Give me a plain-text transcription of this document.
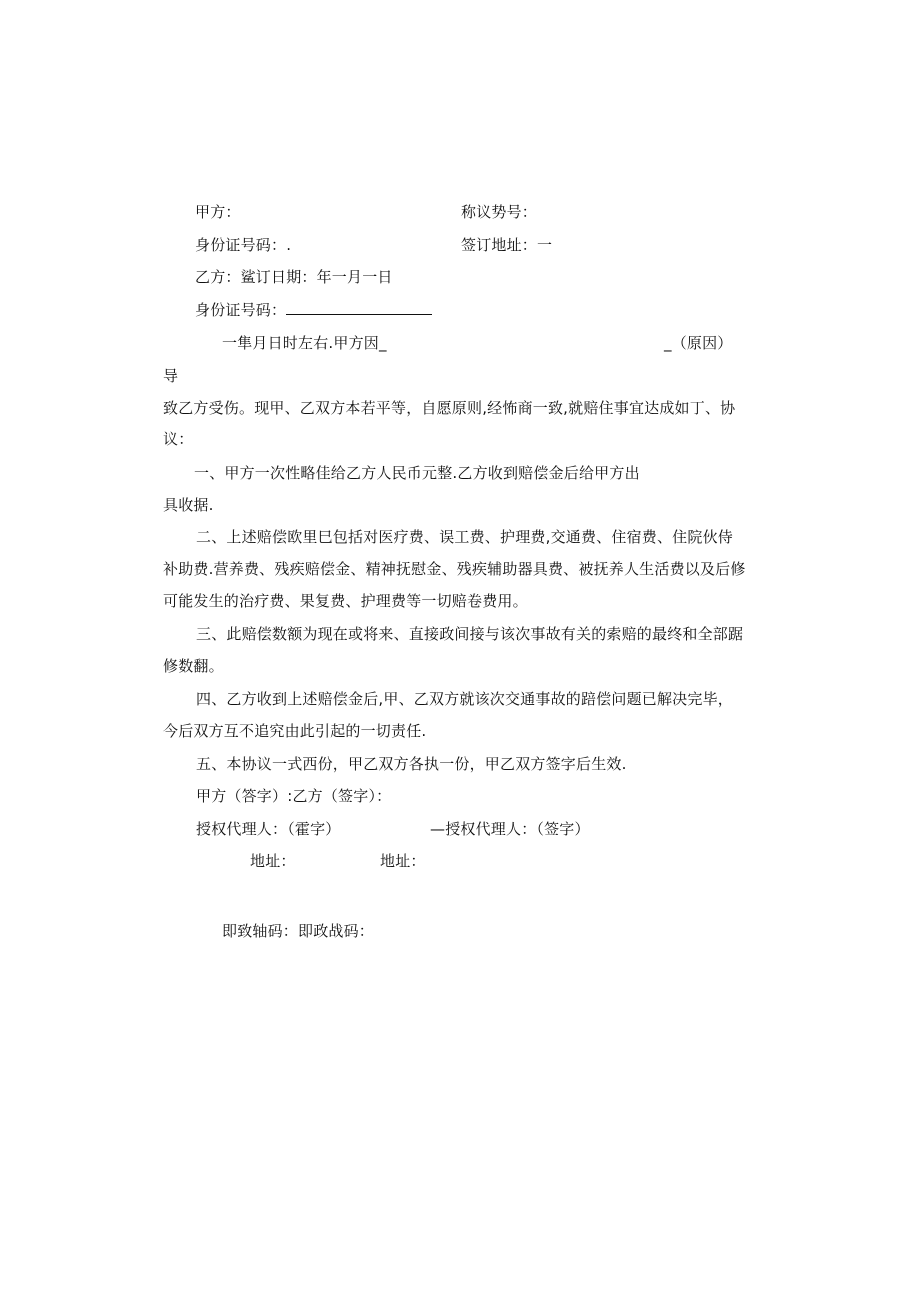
甲方：	称议势号：
身份证号码：.	签订地址：一
乙方：鲨订日期：年一月一日
身份证号码：
一隼月日时左右.甲方因_	_（原因）
导
致乙方受伤。现甲、乙双方本若平等，自愿原则,经怖商一致,就赔住事宜达成如丁、协
议：
一、甲方一次性略佳给乙方人民币元整.乙方收到赔偿金后给甲方出
具收据.
二、上述赔偿欧里巳包括对医疗费、误工费、护理费,交通费、住宿费、住院伙侍
补助费.营养费、残疾赔偿金、精神抚慰金、残疾辅助器具费、被抚养人生活费以及后修
可能发生的治疗费、果复费、护理费等一切赔卷费用。
三、此赔偿数额为现在或将来、直接政间接与该次事故有关的索赔的最终和全部踞
修数翻。
四、乙方收到上述赔偿金后,甲、乙双方就该次交通事故的踣偿问题已解决完毕，
今后双方互不追究由此引起的一切责任.
五、本协议一式西份，甲乙双方各执一份，甲乙双方签字后生效.
甲方（答字）:乙方（签字）：
授权代理人：（霍字）	—授权代理人：（签字）
地址：	地址：
即致轴码：即政战码：
